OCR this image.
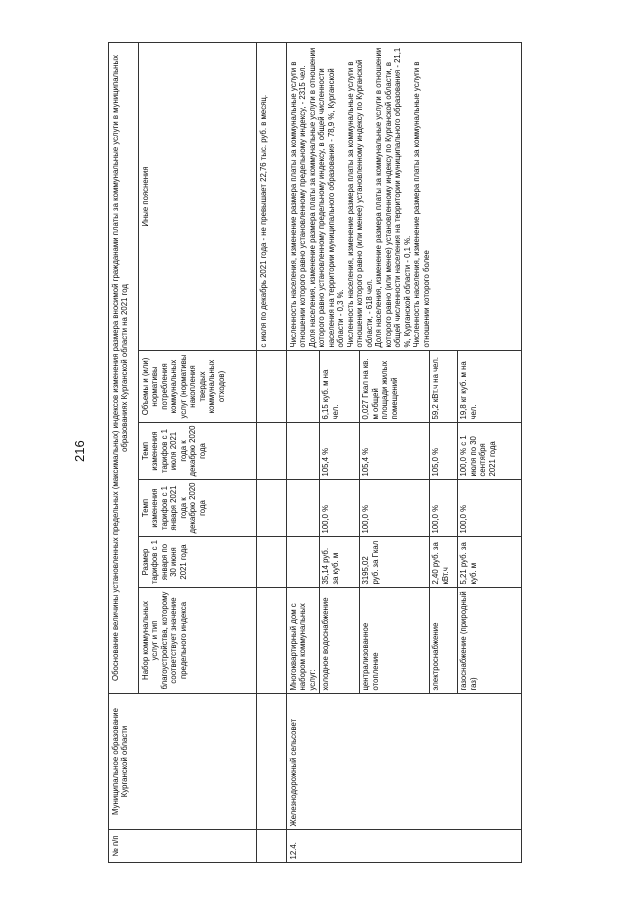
216
№ п/п	Муниципальное образование Курганской области	Обоснование величины установленных предельных (максимальных) индексов изменения размера вносимой гражданами платы за коммунальные услуги в муниципальных образованиях Курганской области на 2021 год					
		Набор коммунальных услуг и тип благоустройства, которому соответствует значение предельного индекса	Размер тарифов с 1 января по 30 июня 2021 года	Темп изменения тарифов с 1 января 2021 года к декабрю 2020 года	Темп изменения тарифов с 1 июля 2021 года к декабрю 2020 года	Объемы и (или) нормативы потребления коммунальных услуг (нормативы накопления твердых коммунальных отходов)	Иные пояснения
							с июля по декабрь 2021 года - не превышает 22,76 тыс. руб. в месяц.
12.4.	Железнодорожный сельсовет	Многоквартирный дом с набором коммунальных услуг:					Численность населения, изменение размера платы за коммунальные услуги в отношении которого равно установленному предельному индексу, - 2315 чел. Доля населения, изменение размера платы за коммунальные услуги в отношении которого равно установленному предельному индексу, в общей численности населения на территории муниципального образования - 78,9 %, Курганской области - 0,3 %. Численность населения, изменение размера платы за коммунальные услуги в отношении которого равно (или менее) установленному индексу по Курганской области, - 618 чел. Доля населения, изменение размера платы за коммунальные услуги в отношении которого равно (или менее) установленному индексу по Курганской области, в общей численности населения на территории муниципального образования - 21,1 %, Курганской области - 0,1 %. Численность населения, изменение размера платы за коммунальные услуги в отношении которого более

		холодное водоснабжение	35,14 руб. за куб. м	100,0 %	105,4 %	6,15 куб. м на чел.	
		централизованное отопление	3195,02 руб. за Гкал	100,0 %	105,4 %	0,027 Гкал на кв. м общей площади жилых помещений	
		электроснабжение	2,40 руб. за кВт.ч	100,0 %	105,0 %	59,2 кВт.ч на чел.	
		газоснабжение (природный газ)	5,21 руб. за куб. м	100,0 %	100,0 % с 1 июля по 30 сентября 2021 года	19,8 кг куб. м на чел.	
